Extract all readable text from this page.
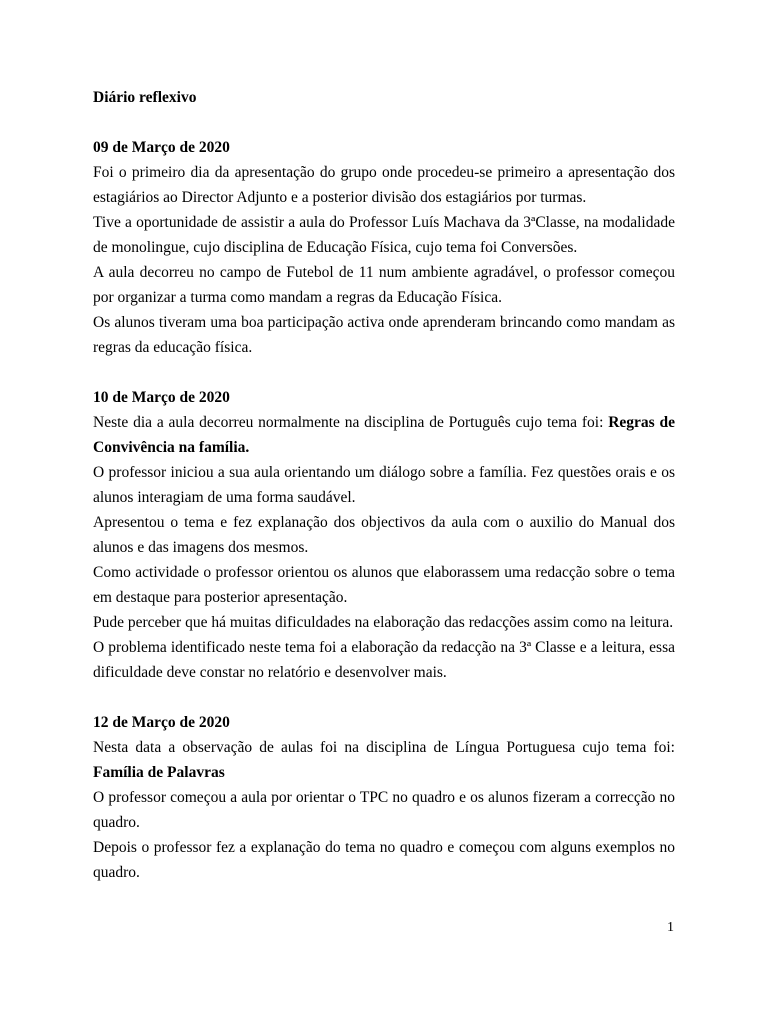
Diário reflexivo
09 de Março de 2020

Foi o primeiro dia da apresentação do grupo onde procedeu-se primeiro a apresentação dos estagiários ao Director Adjunto e a posterior divisão dos estagiários por turmas.

Tive a oportunidade de assistir a aula do Professor Luís Machava da 3ªClasse, na modalidade de monolingue, cujo disciplina de Educação Física, cujo tema foi Conversões.

A aula decorreu no campo de Futebol de 11 num ambiente agradável, o professor começou por organizar a turma como mandam a regras da Educação Física.

Os alunos tiveram uma boa participação activa onde aprenderam brincando como mandam as regras da educação física.

10 de Março de 2020

Neste dia a aula decorreu normalmente na disciplina de Português cujo tema foi: Regras de Convivência na família.

O professor iniciou a sua aula orientando um diálogo sobre a família. Fez questões orais e os alunos interagiam de uma forma saudável.

Apresentou o tema e fez explanação dos objectivos da aula com o auxilio do Manual dos alunos e das imagens dos mesmos.

Como actividade o professor orientou os alunos que elaborassem uma redacção sobre o tema em destaque para posterior apresentação.

Pude perceber que há muitas dificuldades na elaboração das redacções assim como na leitura.

O problema identificado neste tema foi a elaboração da redacção na 3ª Classe e a leitura, essa dificuldade deve constar no relatório e desenvolver mais.

12 de Março de 2020

Nesta data a observação de aulas foi na disciplina de Língua Portuguesa cujo tema foi: Família de Palavras

O professor começou a aula por orientar o TPC no quadro e os alunos fizeram a correcção no quadro.

Depois o professor fez a explanação do tema no quadro e começou com alguns exemplos no quadro.

1
